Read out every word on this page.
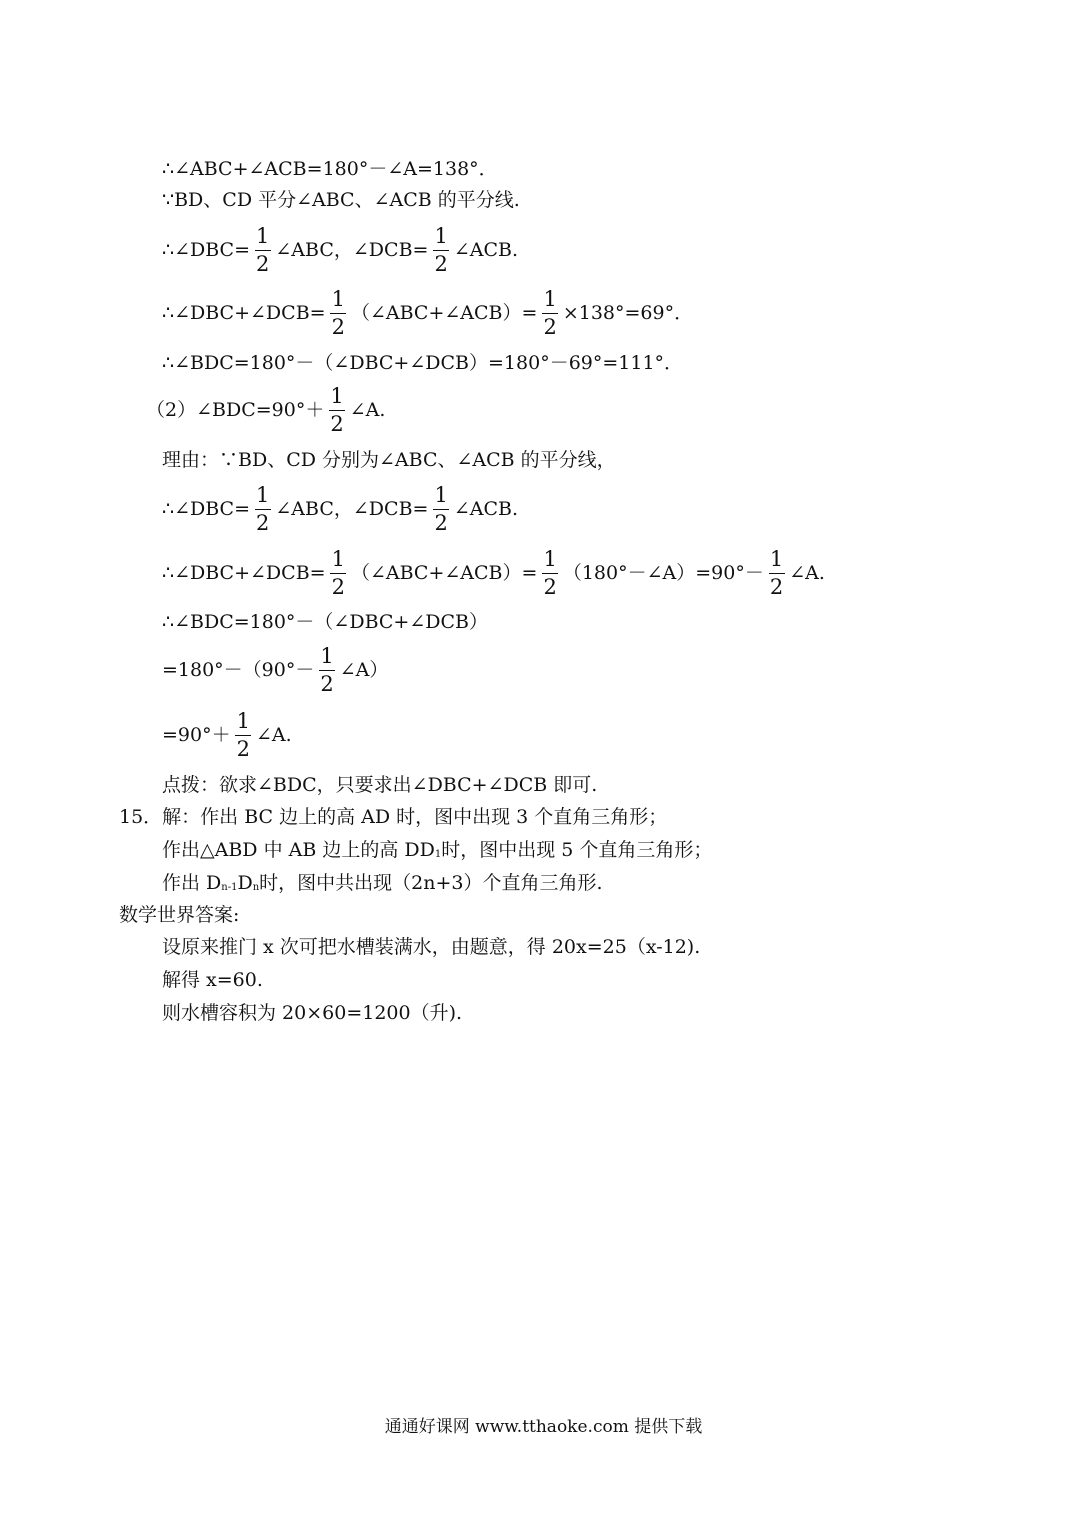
∴∠ABC+∠ACB=180°－∠A=138°．
∵BD、CD 平分∠ABC、∠ACB 的平分线.
∴∠DBC= $\frac{1}{2}$ ∠ABC，∠DCB= $\frac{1}{2}$ ∠ACB.
∴∠DBC+∠DCB= $\frac{1}{2}$ （∠ABC+∠ACB）= $\frac{1}{2} \times 138^\circ=69^\circ$．
∴∠BDC=180°－（∠DBC+∠DCB）=180°－69°=111°．
（2）∠BDC=90°＋ $\frac{1}{2}$ ∠A.
理由：∵BD、CD 分别为∠ABC、∠ACB 的平分线，
∴∠DBC= $\frac{1}{2}$ ∠ABC，∠DCB= $\frac{1}{2}$ ∠ACB.
∴∠DBC+∠DCB= $\frac{1}{2}$ （∠ABC+∠ACB）= $\frac{1}{2}$ （180°－∠A）=90°－ $\frac{1}{2}$ ∠A.
∴∠BDC=180°－（∠DBC+∠DCB）
$=180^\circ-(90^\circ- \frac{1}{2}$ ∠A）
$=90^\circ+ \frac{1}{2}$ ∠A.
点拨：欲求∠BDC，只要求出∠DBC+∠DCB 即可.
15．解：作出 BC 边上的高 AD 时，图中出现 3 个直角三角形；
作出△ABD 中 AB 边上的高 DD 1 时，图中出现 5 个直角三角形；
作出 D n-1 D n 时，图中共出现（2n+3）个直角三角形.
数学世界答案:
设原来推门 x 次可把水槽装满水，由题意，得 20x=25（x-12).
解得 x=60.
则水槽容积为 20×60=1200（升).
通通好课网 www.tthaoke.com 提供下载
